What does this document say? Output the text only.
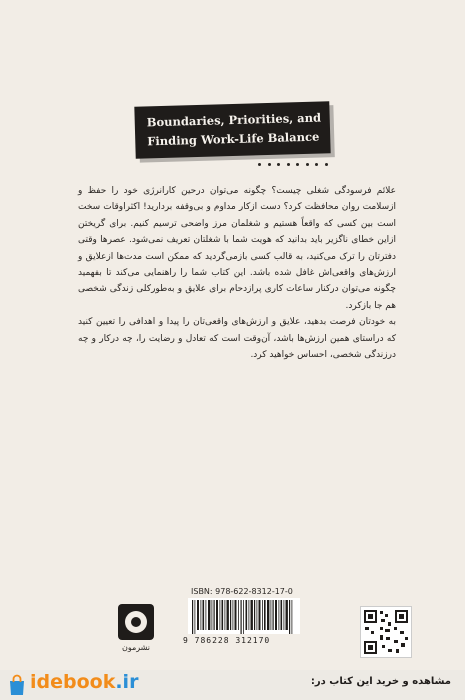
Boundaries, Priorities, and
Finding Work-Life Balance

علائم فرسودگی شغلی چیست؟ چگونه می‌توان درحین کارانرژی خود را حفظ و ازسلامت روان محافظت کرد؟ دست ازکار مداوم و بی‌وقفه بردارید! اکثراوقات سخت است بین کسی که واقعاً هستیم و شغلمان مرز واضحی ترسیم کنیم. برای گریختن ازاین خطای ناگزیر باید بدانید که هویت شما با شغلتان تعریف نمی‌شود. عصرها وقتی دفترتان را ترک می‌کنید، به قالب کسی بازمی‌گردید که ممکن است مدت‌ها ازعلایق و ارزش‌های واقعی‌اش غافل شده باشد. این کتاب شما را راهنمایی می‌کند تا بفهمید چگونه می‌توان درکنار ساعات کاری پرازدحام برای علایق و به‌طورکلی زندگی شخصی هم جا بازکرد.

به خودتان فرصت بدهید، علایق و ارزش‌های واقعی‌تان را پیدا و اهدافی را تعیین کنید که دراستای همین ارزش‌ها باشد، آن‌وقت است که تعادل و رضایت را، چه درکار و چه درزندگی شخصی، احساس خواهید کرد.

نشرمون
ISBN: 978-622-8312-17-0
9 786228 312170
idebook.ir	مشاهده و خرید این کتاب در:
